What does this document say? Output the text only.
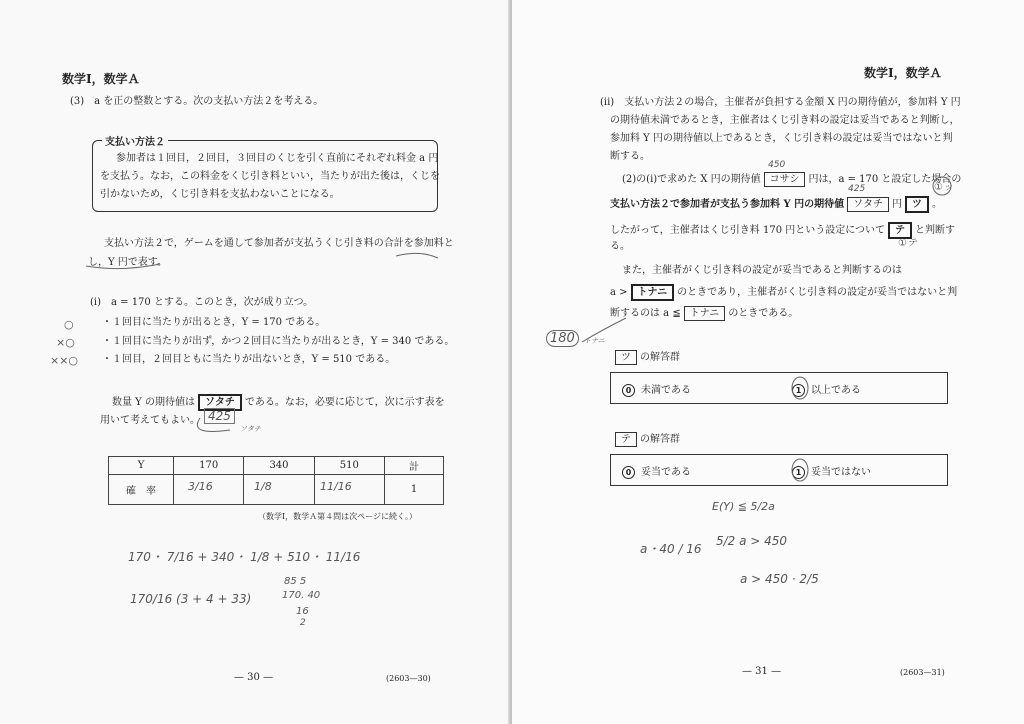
数学Ⅰ，数学Ａ
(3)　a を正の整数とする。次の支払い方法２を考える。
支払い方法２
参加者は１回目，２回目，３回目のくじを引く直前にそれぞれ料金 a 円
を支払う。なお，この料金をくじ引き料といい，当たりが出た後は，くじを
引かないため，くじ引き料を支払わないことになる。
支払い方法２で，ゲームを通して参加者が支払うくじ引き料の合計を参加料と
し，Y 円で表す。
(i)　a = 170 とする。このとき，次が成り立つ。
・１回目に当たりが出るとき，Y = 170 である。
・１回目に当たりが出ず，かつ２回目に当たりが出るとき，Y = 340 である。
・１回目，２回目ともに当たりが出ないとき，Y = 510 である。
数量 Y の期待値は ソタチ である。なお，必要に応じて，次に示す表を
用いて考えてもよい。
Y	170	340	510	計
確　率				1
（数学Ⅰ，数学Ａ第４問は次ページに続く。）
— 30 —	(2603—30)
○
×○
××○
425
ソタチ
3/16	1/8	11/16
170・ 7/16 + 340・ 1/8 + 510・ 11/16
170/16 (3 + 4 + 33)
85 5
170. 40
16
2
数学Ⅰ，数学Ａ
(ii)　支払い方法２の場合，主催者が負担する金額 X 円の期待値が，参加料 Y 円
の期待値未満であるとき，主催者はくじ引き料の設定は妥当であると判断し，
参加料 Y 円の期待値以上であるとき，くじ引き料の設定は妥当ではないと判
断する。
(2)の(i)で求めた X 円の期待値 コサシ 円は，a = 170 と設定した場合の
支払い方法２で参加者が支払う参加料 Y 円の期待値 ソタチ 円 ツ 。
したがって，主催者はくじ引き料 170 円という設定について テ と判断す
る。
また，主催者がくじ引き料の設定が妥当であると判断するのは
a > トナニ のときであり，主催者がくじ引き料の設定が妥当ではないと判
断するのは a ≦ トナニ のときである。
ツ の解答群
0 未満である	1 以上である
テ の解答群
0 妥当である	1 妥当ではない
— 31 —	(2603—31)
450
425	①ッ
①テ
180	トナニ
E(Y) ≦ 5/2a
a・40 / 16
5/2 a > 450
a > 450 · 2/5
